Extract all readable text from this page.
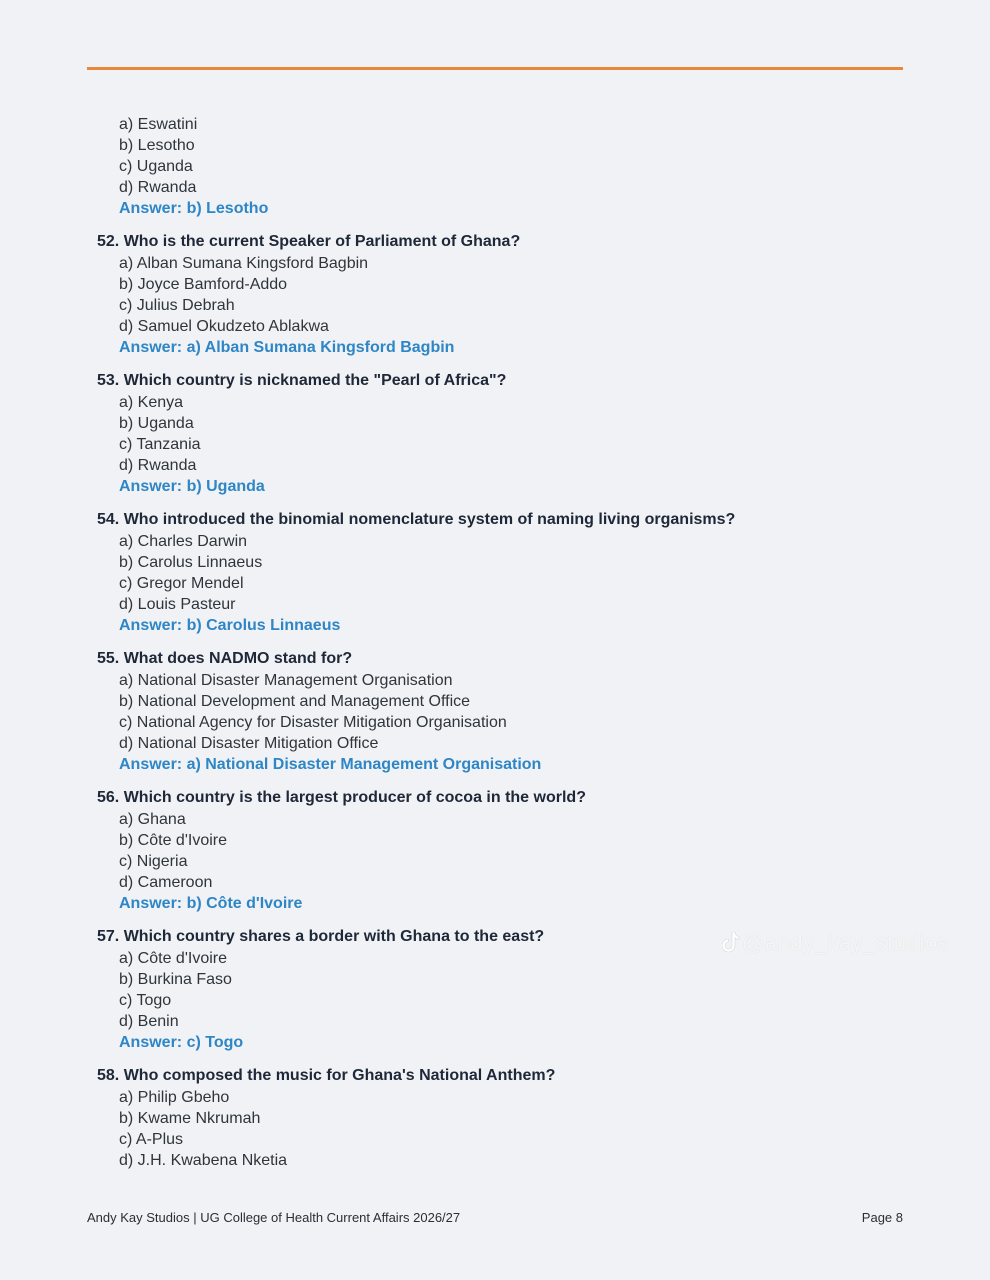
a) Eswatini
b) Lesotho
c) Uganda
d) Rwanda
Answer: b) Lesotho
52. Who is the current Speaker of Parliament of Ghana?
a) Alban Sumana Kingsford Bagbin
b) Joyce Bamford-Addo
c) Julius Debrah
d) Samuel Okudzeto Ablakwa
Answer: a) Alban Sumana Kingsford Bagbin
53. Which country is nicknamed the "Pearl of Africa"?
a) Kenya
b) Uganda
c) Tanzania
d) Rwanda
Answer: b) Uganda
54. Who introduced the binomial nomenclature system of naming living organisms?
a) Charles Darwin
b) Carolus Linnaeus
c) Gregor Mendel
d) Louis Pasteur
Answer: b) Carolus Linnaeus
55. What does NADMO stand for?
a) National Disaster Management Organisation
b) National Development and Management Office
c) National Agency for Disaster Mitigation Organisation
d) National Disaster Mitigation Office
Answer: a) National Disaster Management Organisation
56. Which country is the largest producer of cocoa in the world?
a) Ghana
b) Côte d'Ivoire
c) Nigeria
d) Cameroon
Answer: b) Côte d'Ivoire
57. Which country shares a border with Ghana to the east?
a) Côte d'Ivoire
b) Burkina Faso
c) Togo
d) Benin
Answer: c) Togo
58. Who composed the music for Ghana's National Anthem?
a) Philip Gbeho
b) Kwame Nkrumah
c) A-Plus
d) J.H. Kwabena Nketia
@andy_kay_studios
Andy Kay Studios | UG College of Health Current Affairs 2026/27	Page 8
